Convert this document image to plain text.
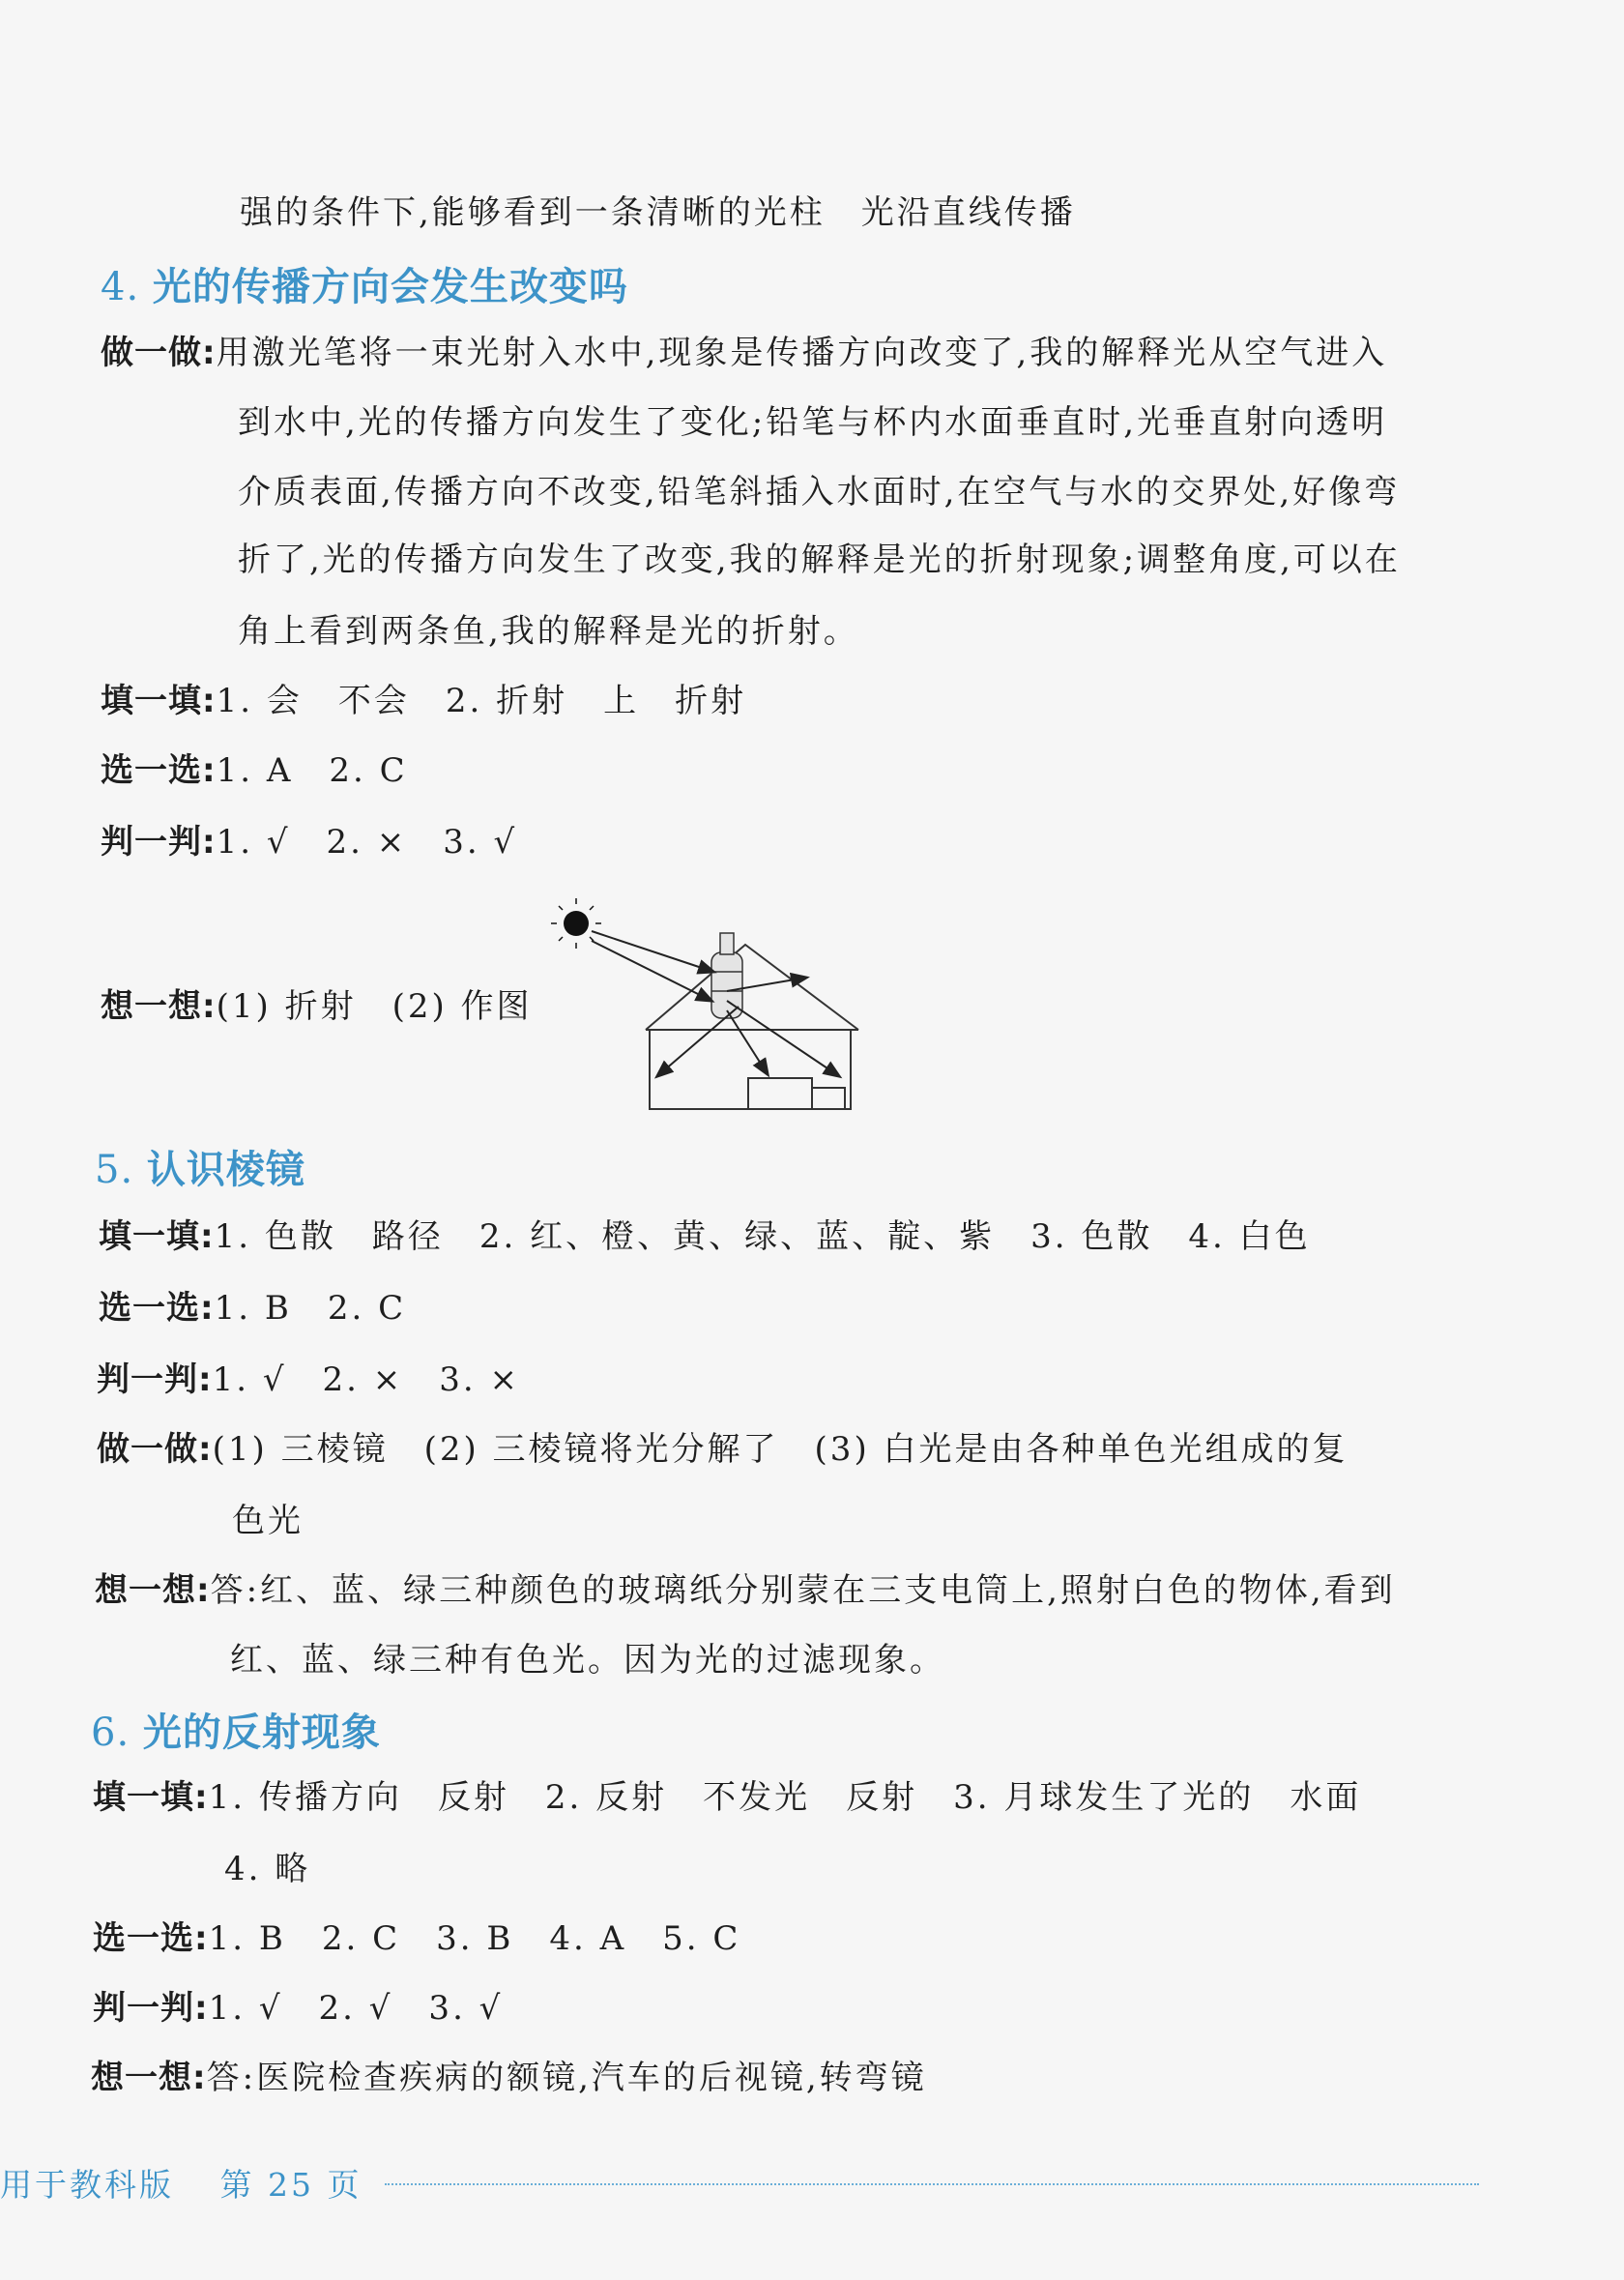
强的条件下,能够看到一条清晰的光柱　光沿直线传播
4. 光的传播方向会发生改变吗
做一做:用激光笔将一束光射入水中,现象是传播方向改变了,我的解释光从空气进入
到水中,光的传播方向发生了变化;铅笔与杯内水面垂直时,光垂直射向透明
介质表面,传播方向不改变,铅笔斜插入水面时,在空气与水的交界处,好像弯
折了,光的传播方向发生了改变,我的解释是光的折射现象;调整角度,可以在
角上看到两条鱼,我的解释是光的折射。
填一填:1. 会　不会　2. 折射　上　折射
选一选:1. A　2. C
判一判:1. √　2. ×　3. √
想一想:(1) 折射　(2) 作图
5. 认识棱镜
填一填:1. 色散　路径　2. 红、橙、黄、绿、蓝、靛、紫　3. 色散　4. 白色
选一选:1. B　2. C
判一判:1. √　2. ×　3. ×
做一做:(1) 三棱镜　(2) 三棱镜将光分解了　(3) 白光是由各种单色光组成的复
色光
想一想:答:红、蓝、绿三种颜色的玻璃纸分别蒙在三支电筒上,照射白色的物体,看到
红、蓝、绿三种有色光。因为光的过滤现象。
6. 光的反射现象
填一填:1. 传播方向　反射　2. 反射　不发光　反射　3. 月球发生了光的　水面
4. 略
选一选:1. B　2. C　3. B　4. A　5. C
判一判:1. √　2. √　3. √
想一想:答:医院检查疾病的额镜,汽车的后视镜,转弯镜
用于教科版 第 25 页
